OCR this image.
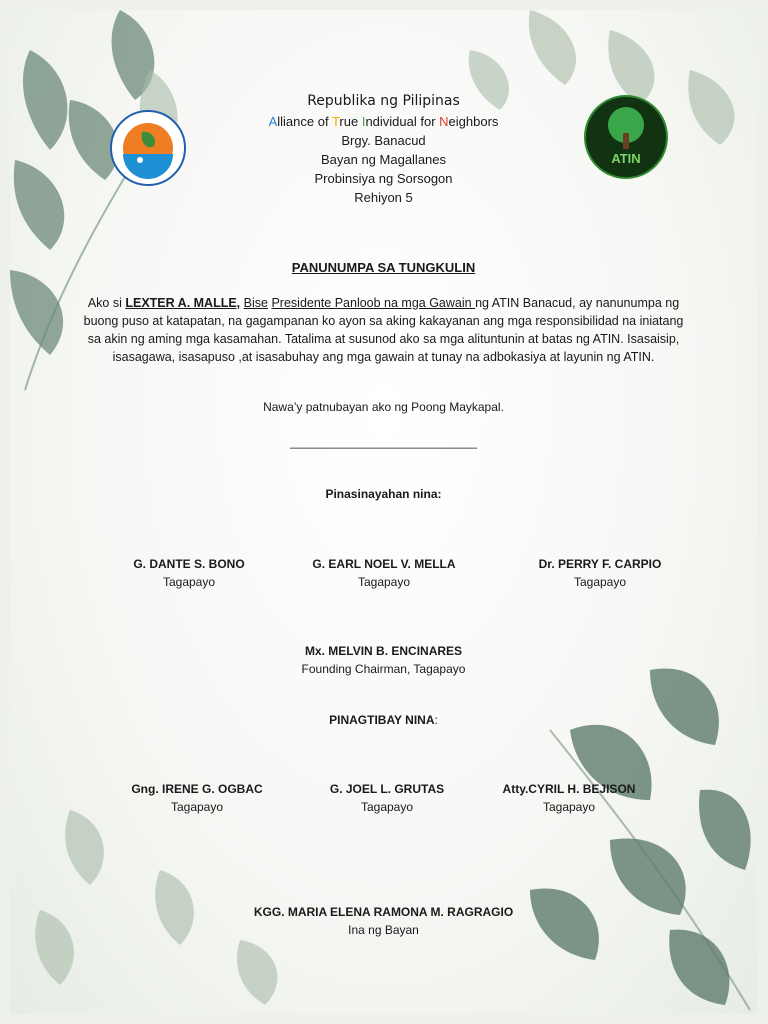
ATIN
Republika ng Pilipinas
Alliance of True Individual for Neighbors
Brgy. Banacud
Bayan ng Magallanes
Probinsiya ng Sorsogon
Rehiyon 5
PANUNUMPA SA TUNGKULIN
Ako si LEXTER A. MALLE, Bise Presidente Panloob na mga Gawain ng ATIN Banacud, ay nanunumpa ng buong puso at katapatan, na gagampanan ko ayon sa aking kakayanan ang mga responsibilidad na iniatang sa akin ng aming mga kasamahan. Tatalima at susunod ako sa mga alituntunin at batas ng ATIN. Isasaisip, isasagawa, isasapuso ,at isasabuhay ang mga gawain at tunay na adbokasiya at layunin ng ATIN.
Nawa’y patnubayan ako ng Poong Maykapal.
____________________________
Pinasinayahan nina:
G. DANTE S. BONO
Tagapayo
G. EARL NOEL V. MELLA
Tagapayo
Dr. PERRY F. CARPIO
Tagapayo
Mx. MELVIN B. ENCINARES
Founding Chairman, Tagapayo
PINAGTIBAY NINA:
Gng. IRENE G. OGBAC
Tagapayo
G. JOEL L. GRUTAS
Tagapayo
Atty.CYRIL H. BEJISON
Tagapayo
KGG. MARIA ELENA RAMONA M. RAGRAGIO
Ina ng Bayan
